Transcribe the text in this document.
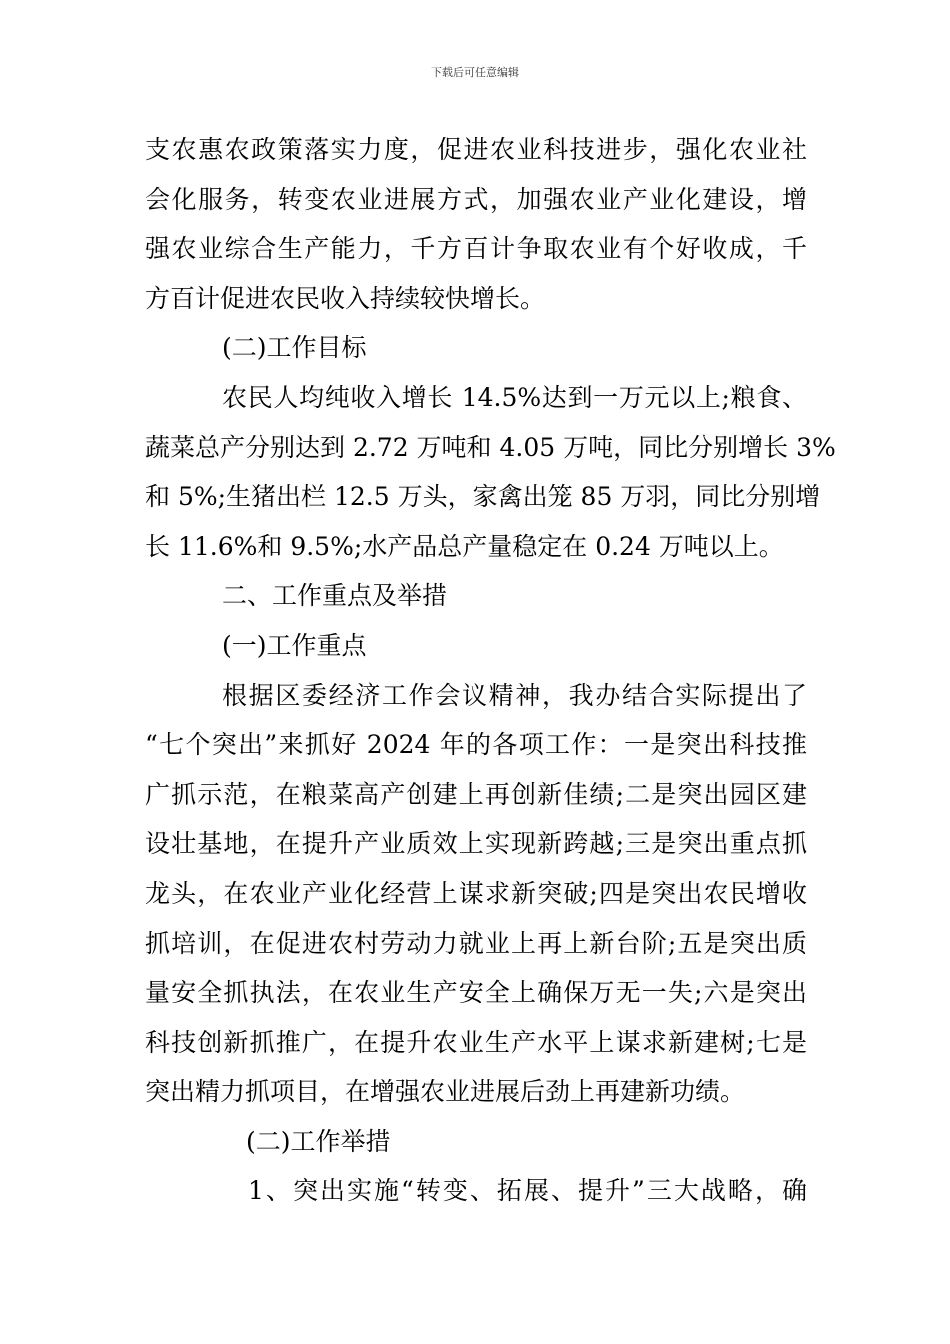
下载后可任意编辑
支农惠农政策落实力度，促进农业科技进步，强化农业社
会化服务，转变农业进展方式，加强农业产业化建设，增
强农业综合生产能力，千方百计争取农业有个好收成，千
方百计促进农民收入持续较快增长。
(二)工作目标
农民人均纯收入增长 14.5%达到一万元以上;粮食、
蔬菜总产分别达到 2.72 万吨和 4.05 万吨，同比分别增长 3%
和 5%;生猪出栏 12.5 万头，家禽出笼 85 万羽，同比分别增
长 11.6%和 9.5%;水产品总产量稳定在 0.24 万吨以上。
二、工作重点及举措
(一)工作重点
根据区委经济工作会议精神，我办结合实际提出了
“七个突出”来抓好 2024 年的各项工作：一是突出科技推
广抓示范，在粮菜高产创建上再创新佳绩;二是突出园区建
设壮基地，在提升产业质效上实现新跨越;三是突出重点抓
龙头，在农业产业化经营上谋求新突破;四是突出农民增收
抓培训，在促进农村劳动力就业上再上新台阶;五是突出质
量安全抓执法，在农业生产安全上确保万无一失;六是突出
科技创新抓推广，在提升农业生产水平上谋求新建树;七是
突出精力抓项目，在增强农业进展后劲上再建新功绩。
(二)工作举措
1、突出实施“转变、拓展、提升”三大战略，确
